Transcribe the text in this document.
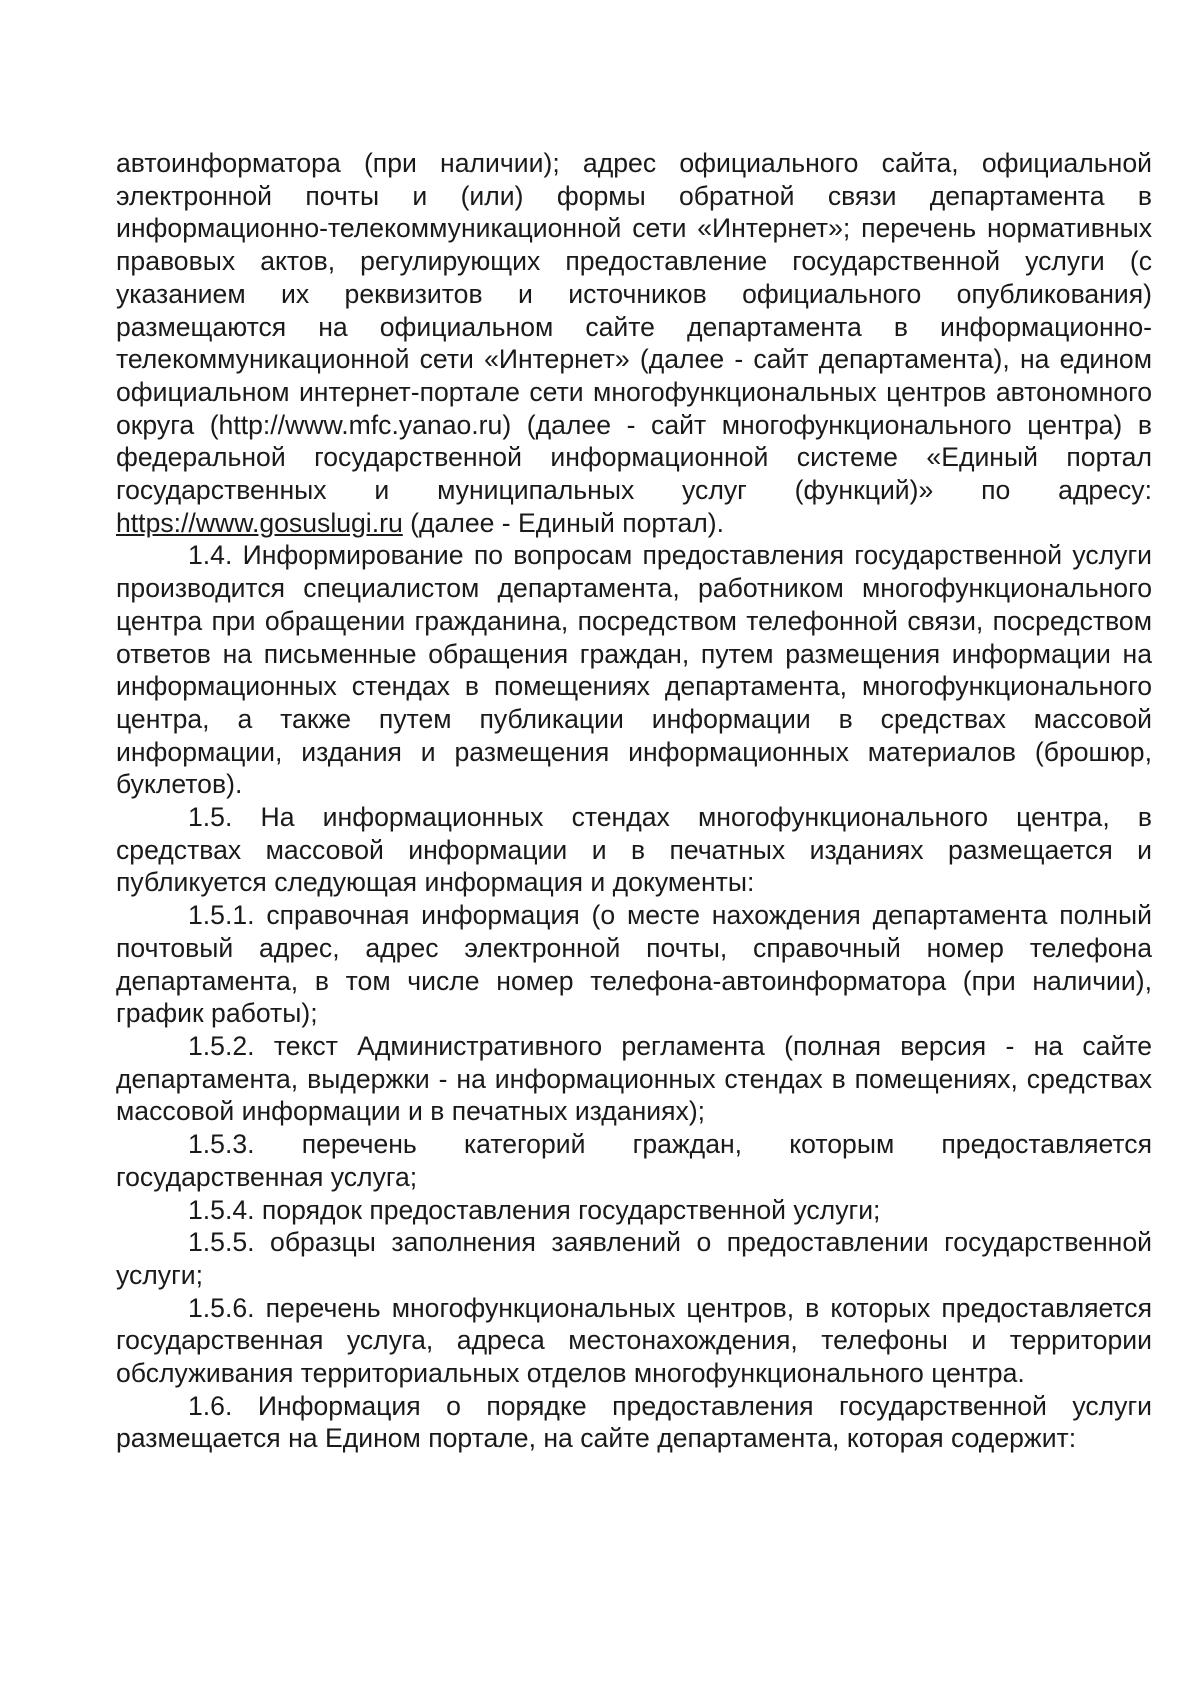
автоинформатора (при наличии); адрес официального сайта, официальной электронной почты и (или) формы обратной связи департамента в информационно-телекоммуникационной сети «Интернет»; перечень нормативных правовых актов, регулирующих предоставление государственной услуги (с указанием их реквизитов и источников официального опубликования) размещаются на официальном сайте департамента в информационно-телекоммуникационной сети «Интернет» (далее - сайт департамента), на едином официальном интернет-портале сети многофункциональных центров автономного округа (http://www.mfc.yanao.ru) (далее - сайт многофункционального центра) в федеральной государственной информационной системе «Единый портал государственных и муниципальных услуг (функций)» по адресу: https://www.gosuslugi.ru (далее - Единый портал).

1.4. Информирование по вопросам предоставления государственной услуги производится специалистом департамента, работником многофункционального центра при обращении гражданина, посредством телефонной связи, посредством ответов на письменные обращения граждан, путем размещения информации на информационных стендах в помещениях департамента, многофункционального центра, а также путем публикации информации в средствах массовой информации, издания и размещения информационных материалов (брошюр, буклетов).

1.5. На информационных стендах многофункционального центра, в средствах массовой информации и в печатных изданиях размещается и публикуется следующая информация и документы:

1.5.1. справочная информация (о месте нахождения департамента полный почтовый адрес, адрес электронной почты, справочный номер телефона департамента, в том числе номер телефона-автоинформатора (при наличии), график работы);

1.5.2. текст Административного регламента (полная версия - на сайте департамента, выдержки - на информационных стендах в помещениях, средствах массовой информации и в печатных изданиях);

1.5.3. перечень категорий граждан, которым предоставляется государственная услуга;

1.5.4. порядок предоставления государственной услуги;

1.5.5. образцы заполнения заявлений о предоставлении государственной услуги;

1.5.6. перечень многофункциональных центров, в которых предоставляется государственная услуга, адреса местонахождения, телефоны и территории обслуживания территориальных отделов многофункционального центра.

1.6. Информация о порядке предоставления государственной услуги размещается на Едином портале, на сайте департамента, которая содержит:
